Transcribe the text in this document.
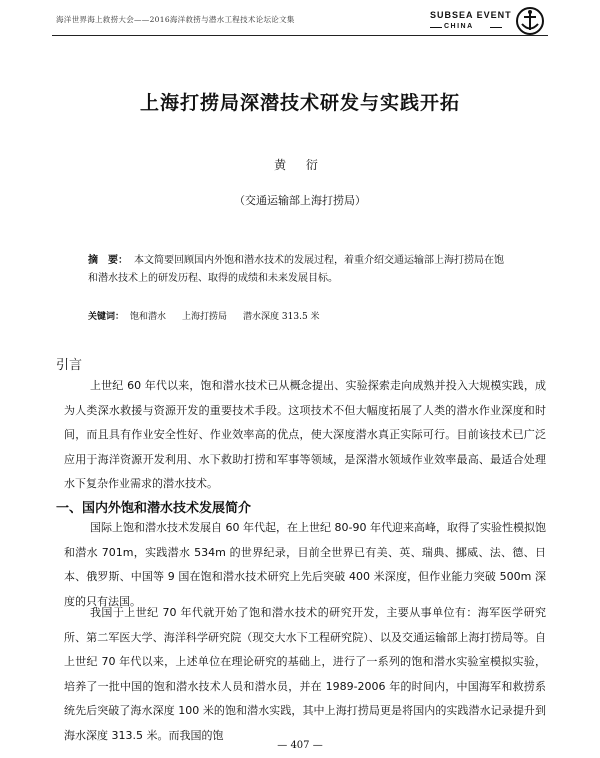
海洋世界海上救捞大会——2016海洋救捞与潜水工程技术论坛论文集	SUBSEA EVENT
CHINA
上海打捞局深潜技术研发与实践开拓
黄 衍
（交通运输部上海打捞局）
摘　要： 本文简要回顾国内外饱和潜水技术的发展过程，着重介绍交通运输部上海打捞局在饱和潜水技术上的研发历程、取得的成绩和未来发展目标。
关键词： 饱和潜水 上海打捞局 潜水深度 313.5 米
引言
上世纪 60 年代以来，饱和潜水技术已从概念提出、实验探索走向成熟并投入大规模实践，成为人类深水救援与资源开发的重要技术手段。这项技术不但大幅度拓展了人类的潜水作业深度和时间，而且具有作业安全性好、作业效率高的优点，使大深度潜水真正实际可行。目前该技术已广泛应用于海洋资源开发利用、水下救助打捞和军事等领域，是深潜水领域作业效率最高、最适合处理水下复杂作业需求的潜水技术。
一、国内外饱和潜水技术发展简介
国际上饱和潜水技术发展自 60 年代起，在上世纪 80-90 年代迎来高峰，取得了实验性模拟饱和潜水 701m，实践潜水 534m 的世界纪录，目前全世界已有美、英、瑞典、挪威、法、德、日本、俄罗斯、中国等 9 国在饱和潜水技术研究上先后突破 400 米深度，但作业能力突破 500m 深度的只有法国。
我国于上世纪 70 年代就开始了饱和潜水技术的研究开发，主要从事单位有：海军医学研究所、第二军医大学、海洋科学研究院（现交大水下工程研究院）、以及交通运输部上海打捞局等。自上世纪 70 年代以来，上述单位在理论研究的基础上，进行了一系列的饱和潜水实验室模拟实验，培养了一批中国的饱和潜水技术人员和潜水员，并在 1989-2006 年的时间内，中国海军和救捞系统先后突破了海水深度 100 米的饱和潜水实践，其中上海打捞局更是将国内的实践潜水记录提升到海水深度 313.5 米。而我国的饱
— 407 —
